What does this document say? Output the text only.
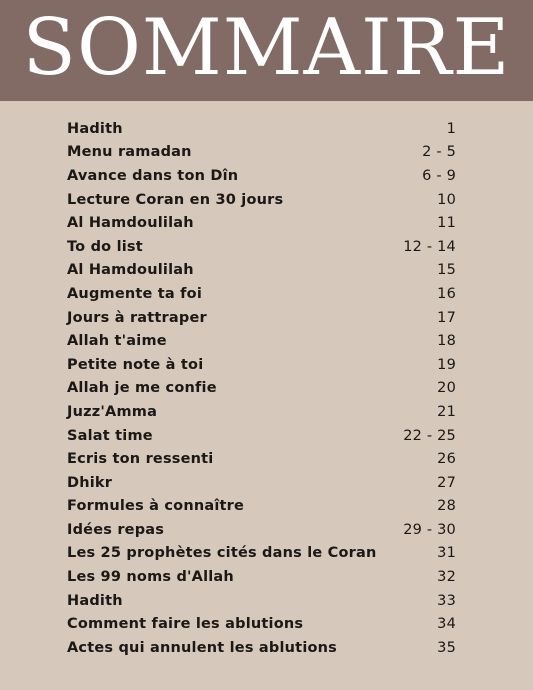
SOMMAIRE
Hadith	1
Menu ramadan	2 - 5
Avance dans ton Dîn	6 - 9
Lecture Coran en 30 jours	10
Al Hamdoulilah	11
To do list	12 - 14
Al Hamdoulilah	15
Augmente ta foi	16
Jours à rattraper	17
Allah t'aime	18
Petite note à toi	19
Allah je me confie	20
Juzz'Amma	21
Salat time	22 - 25
Ecris ton ressenti	26
Dhikr	27
Formules à connaître	28
Idées repas	29 - 30
Les 25 prophètes cités dans le Coran	31
Les 99 noms d'Allah	32
Hadith	33
Comment faire les ablutions	34
Actes qui annulent les ablutions	35
